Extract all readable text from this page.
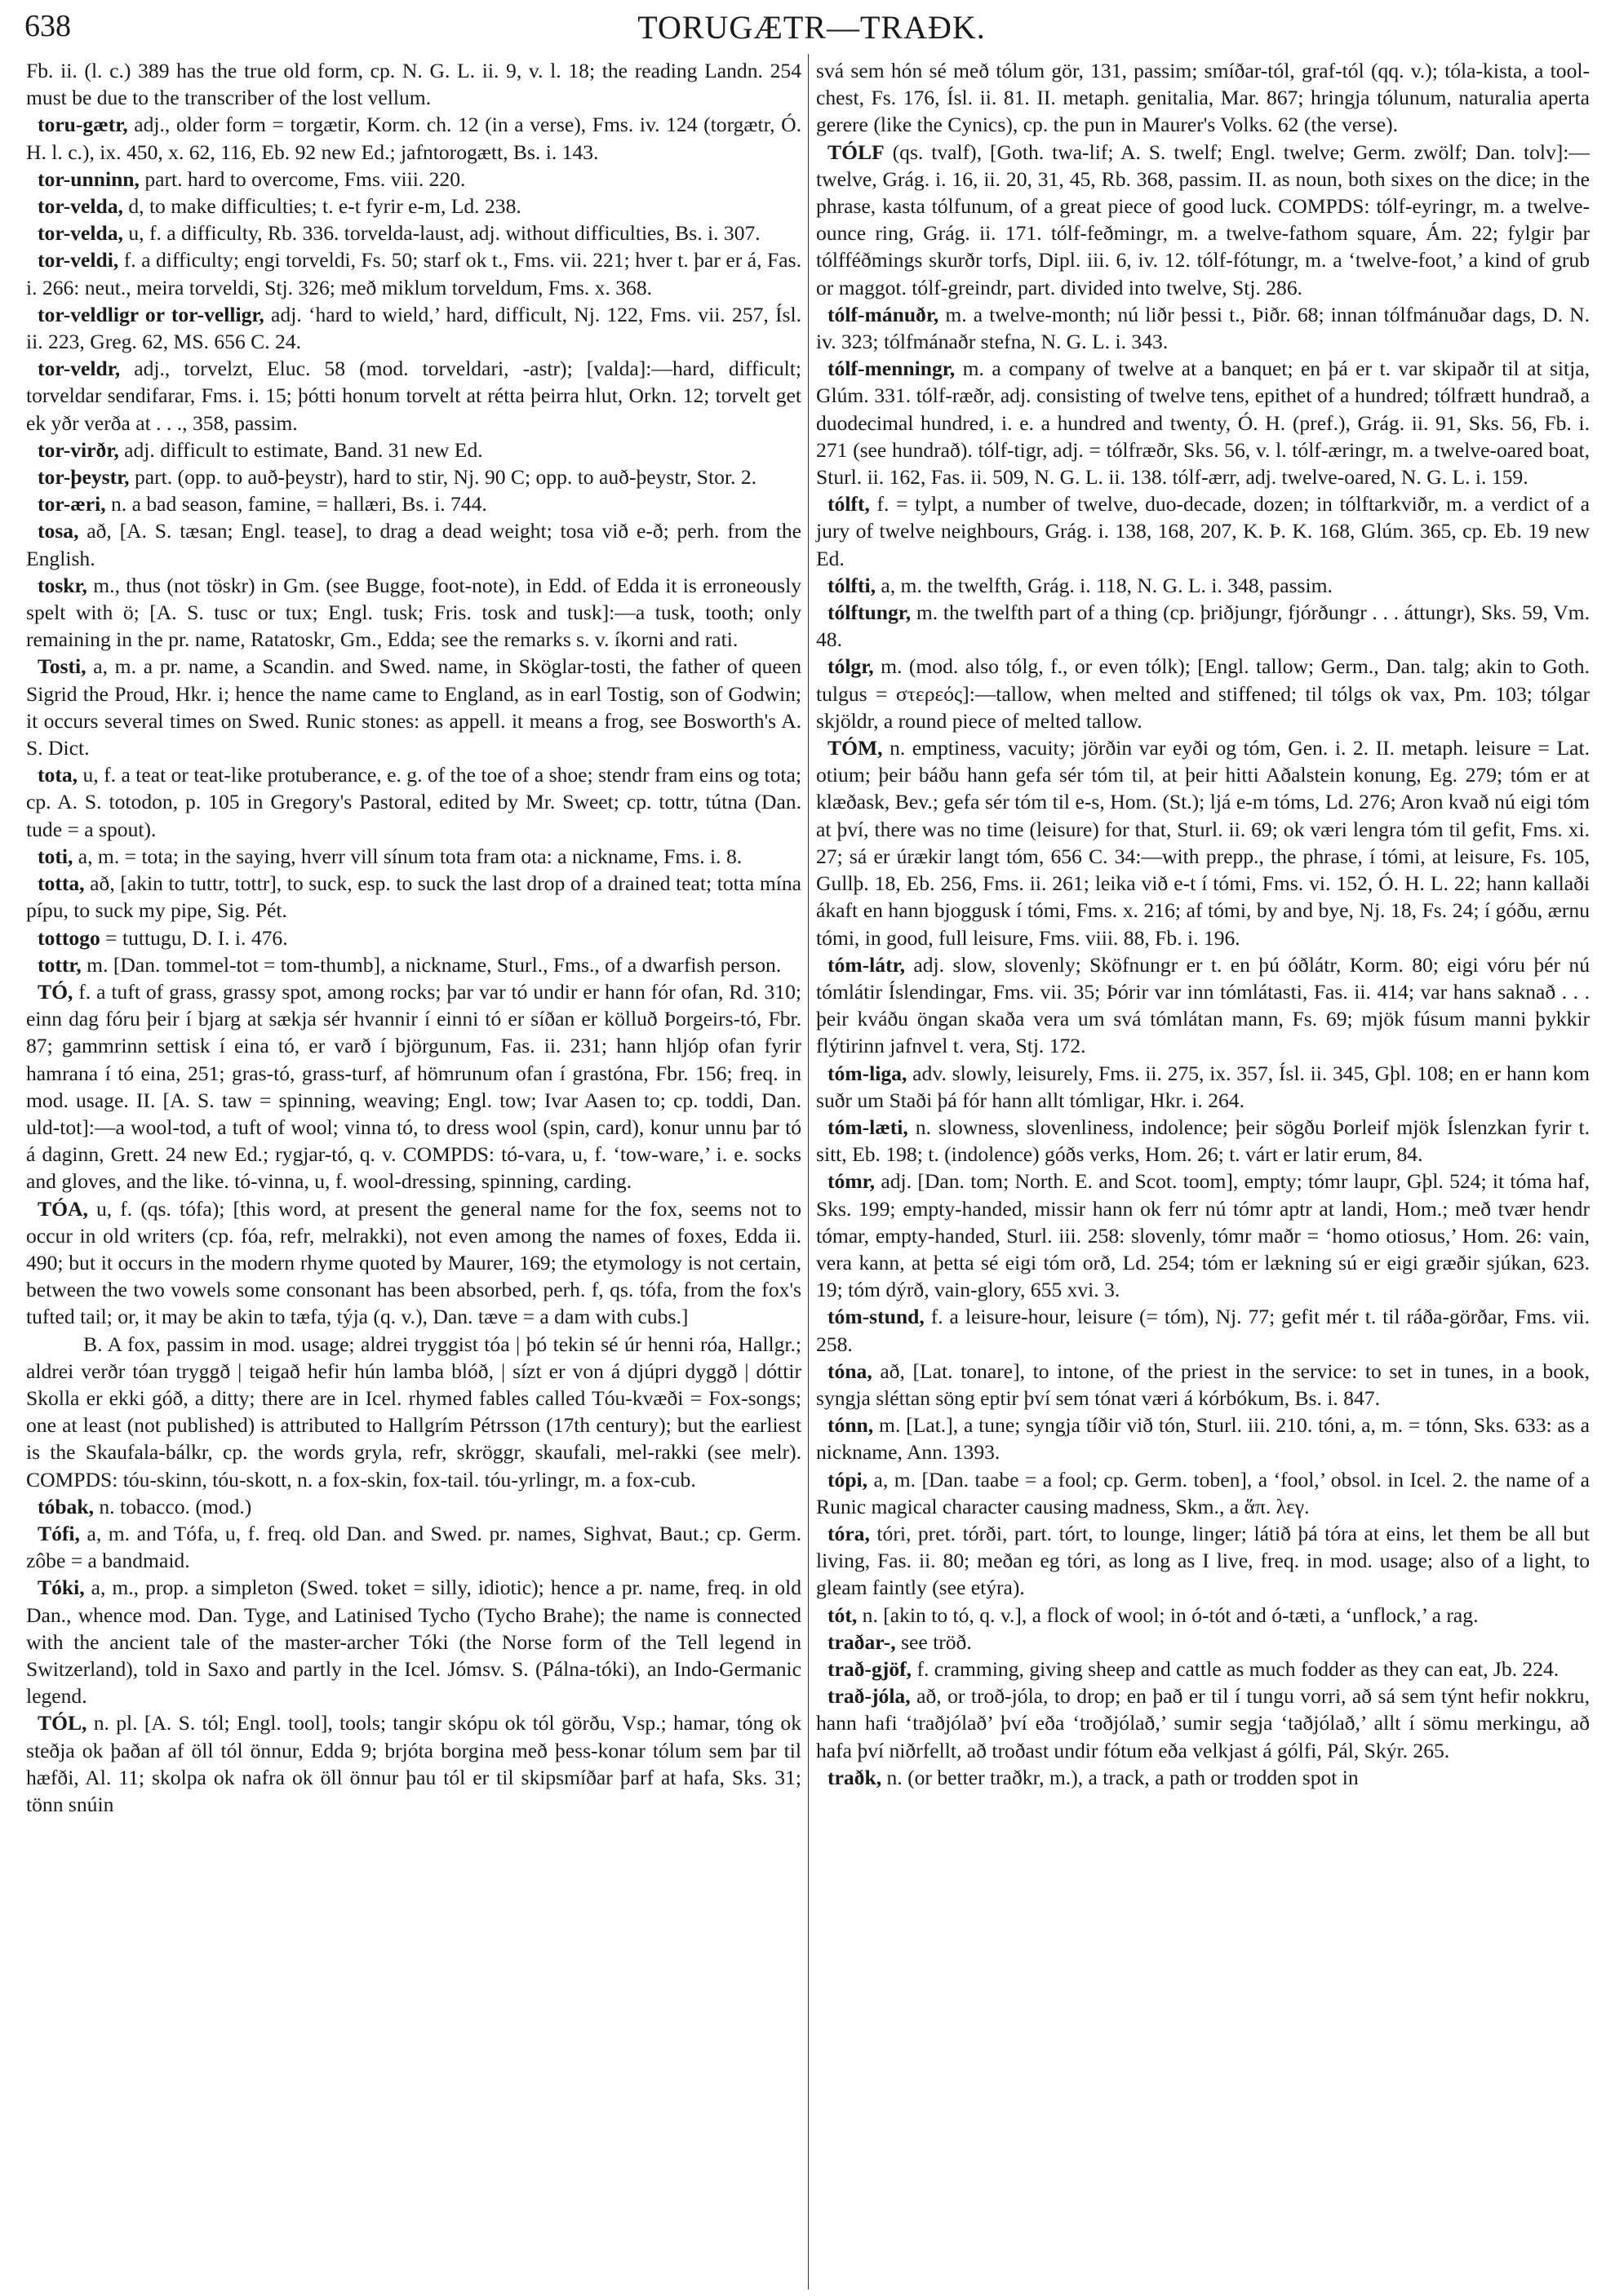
638	TORUGÆTR—TRAÐK.

Fb. ii. (l. c.) 389 has the true old form, cp. N. G. L. ii. 9, v. l. 18; the reading Landn. 254 must be due to the transcriber of the lost vellum.

toru-gætr, adj., older form = torgætir, Korm. ch. 12 (in a verse), Fms. iv. 124 (torgætr, Ó. H. l. c.), ix. 450, x. 62, 116, Eb. 92 new Ed.; jafntorogætt, Bs. i. 143.

tor-unninn, part. hard to overcome, Fms. viii. 220.

tor-velda, d, to make difficulties; t. e-t fyrir e-m, Ld. 238.

tor-velda, u, f. a difficulty, Rb. 336. torvelda-laust, adj. without difficulties, Bs. i. 307.

tor-veldi, f. a difficulty; engi torveldi, Fs. 50; starf ok t., Fms. vii. 221; hver t. þar er á, Fas. i. 266: neut., meira torveldi, Stj. 326; með miklum torveldum, Fms. x. 368.

tor-veldligr or tor-velligr, adj. ‘hard to wield,’ hard, difficult, Nj. 122, Fms. vii. 257, Ísl. ii. 223, Greg. 62, MS. 656 C. 24.

tor-veldr, adj., torvelzt, Eluc. 58 (mod. torveldari, -astr); [valda]:—hard, difficult; torveldar sendifarar, Fms. i. 15; þótti honum torvelt at rétta þeirra hlut, Orkn. 12; torvelt get ek yðr verða at . . ., 358, passim.

tor-virðr, adj. difficult to estimate, Band. 31 new Ed.

tor-þeystr, part. (opp. to auð-þeystr), hard to stir, Nj. 90 C; opp. to auð-þeystr, Stor. 2.

tor-æri, n. a bad season, famine, = hallæri, Bs. i. 744.

tosa, að, [A. S. tæsan; Engl. tease], to drag a dead weight; tosa við e-ð; perh. from the English.

toskr, m., thus (not töskr) in Gm. (see Bugge, foot-note), in Edd. of Edda it is erroneously spelt with ö; [A. S. tusc or tux; Engl. tusk; Fris. tosk and tusk]:—a tusk, tooth; only remaining in the pr. name, Ratatoskr, Gm., Edda; see the remarks s. v. íkorni and rati.

Tosti, a, m. a pr. name, a Scandin. and Swed. name, in Sköglar-tosti, the father of queen Sigrid the Proud, Hkr. i; hence the name came to England, as in earl Tostig, son of Godwin; it occurs several times on Swed. Runic stones: as appell. it means a frog, see Bosworth's A. S. Dict.

tota, u, f. a teat or teat-like protuberance, e. g. of the toe of a shoe; stendr fram eins og tota; cp. A. S. totodon, p. 105 in Gregory's Pastoral, edited by Mr. Sweet; cp. tottr, tútna (Dan. tude = a spout).

toti, a, m. = tota; in the saying, hverr vill sínum tota fram ota: a nickname, Fms. i. 8.

totta, að, [akin to tuttr, tottr], to suck, esp. to suck the last drop of a drained teat; totta mína pípu, to suck my pipe, Sig. Pét.

tottogo = tuttugu, D. I. i. 476.

tottr, m. [Dan. tommel-tot = tom-thumb], a nickname, Sturl., Fms., of a dwarfish person.

TÓ, f. a tuft of grass, grassy spot, among rocks; þar var tó undir er hann fór ofan, Rd. 310; einn dag fóru þeir í bjarg at sækja sér hvannir í einni tó er síðan er kölluð Þorgeirs-tó, Fbr. 87; gammrinn settisk í eina tó, er varð í björgunum, Fas. ii. 231; hann hljóp ofan fyrir hamrana í tó eina, 251; gras-tó, grass-turf, af hömrunum ofan í grastóna, Fbr. 156; freq. in mod. usage. II. [A. S. taw = spinning, weaving; Engl. tow; Ivar Aasen to; cp. toddi, Dan. uld-tot]:—a wool-tod, a tuft of wool; vinna tó, to dress wool (spin, card), konur unnu þar tó á daginn, Grett. 24 new Ed.; rygjar-tó, q. v. COMPDS: tó-vara, u, f. ‘tow-ware,’ i. e. socks and gloves, and the like. tó-vinna, u, f. wool-dressing, spinning, carding.

TÓA, u, f. (qs. tófa); [this word, at present the general name for the fox, seems not to occur in old writers (cp. fóa, refr, melrakki), not even among the names of foxes, Edda ii. 490; but it occurs in the modern rhyme quoted by Maurer, 169; the etymology is not certain, between the two vowels some consonant has been absorbed, perh. f, qs. tófa, from the fox's tufted tail; or, it may be akin to tæfa, týja (q. v.), Dan. tæve = a dam with cubs.]

B. A fox, passim in mod. usage; aldrei tryggist tóa | þó tekin sé úr henni róa, Hallgr.; aldrei verðr tóan tryggð | teigað hefir hún lamba blóð, | sízt er von á djúpri dyggð | dóttir Skolla er ekki góð, a ditty; there are in Icel. rhymed fables called Tóu-kvæði = Fox-songs; one at least (not published) is attributed to Hallgrím Pétrsson (17th century); but the earliest is the Skaufala-bálkr, cp. the words gryla, refr, skröggr, skaufali, mel-rakki (see melr). COMPDS: tóu-skinn, tóu-skott, n. a fox-skin, fox-tail. tóu-yrlingr, m. a fox-cub.

tóbak, n. tobacco. (mod.)

Tófi, a, m. and Tófa, u, f. freq. old Dan. and Swed. pr. names, Sighvat, Baut.; cp. Germ. zôbe = a bandmaid.

Tóki, a, m., prop. a simpleton (Swed. toket = silly, idiotic); hence a pr. name, freq. in old Dan., whence mod. Dan. Tyge, and Latinised Tycho (Tycho Brahe); the name is connected with the ancient tale of the master-archer Tóki (the Norse form of the Tell legend in Switzerland), told in Saxo and partly in the Icel. Jómsv. S. (Pálna-tóki), an Indo-Germanic legend.

TÓL, n. pl. [A. S. tól; Engl. tool], tools; tangir skópu ok tól görðu, Vsp.; hamar, tóng ok steðja ok þaðan af öll tól önnur, Edda 9; brjóta borgina með þess-konar tólum sem þar til hæfði, Al. 11; skolpa ok nafra ok öll önnur þau tól er til skipsmíðar þarf at hafa, Sks. 31; tönn snúin

svá sem hón sé með tólum gör, 131, passim; smíðar-tól, graf-tól (qq. v.); tóla-kista, a tool-chest, Fs. 176, Ísl. ii. 81. II. metaph. genitalia, Mar. 867; hringja tólunum, naturalia aperta gerere (like the Cynics), cp. the pun in Maurer's Volks. 62 (the verse).

TÓLF (qs. tvalf), [Goth. twa-lif; A. S. twelf; Engl. twelve; Germ. zwölf; Dan. tolv]:—twelve, Grág. i. 16, ii. 20, 31, 45, Rb. 368, passim. II. as noun, both sixes on the dice; in the phrase, kasta tólfunum, of a great piece of good luck. COMPDS: tólf-eyringr, m. a twelve-ounce ring, Grág. ii. 171. tólf-feðmingr, m. a twelve-fathom square, Ám. 22; fylgir þar tólfféðmings skurðr torfs, Dipl. iii. 6, iv. 12. tólf-fótungr, m. a ‘twelve-foot,’ a kind of grub or maggot. tólf-greindr, part. divided into twelve, Stj. 286.

tólf-mánuðr, m. a twelve-month; nú liðr þessi t., Þiðr. 68; innan tólfmánuðar dags, D. N. iv. 323; tólfmánaðr stefna, N. G. L. i. 343.

tólf-menningr, m. a company of twelve at a banquet; en þá er t. var skipaðr til at sitja, Glúm. 331. tólf-ræðr, adj. consisting of twelve tens, epithet of a hundred; tólfrætt hundrað, a duodecimal hundred, i. e. a hundred and twenty, Ó. H. (pref.), Grág. ii. 91, Sks. 56, Fb. i. 271 (see hundrað). tólf-tigr, adj. = tólfræðr, Sks. 56, v. l. tólf-æringr, m. a twelve-oared boat, Sturl. ii. 162, Fas. ii. 509, N. G. L. ii. 138. tólf-ærr, adj. twelve-oared, N. G. L. i. 159.

tólft, f. = tylpt, a number of twelve, duo-decade, dozen; in tólftarkviðr, m. a verdict of a jury of twelve neighbours, Grág. i. 138, 168, 207, K. Þ. K. 168, Glúm. 365, cp. Eb. 19 new Ed.

tólfti, a, m. the twelfth, Grág. i. 118, N. G. L. i. 348, passim.

tólftungr, m. the twelfth part of a thing (cp. þriðjungr, fjórðungr . . . áttungr), Sks. 59, Vm. 48.

tólgr, m. (mod. also tólg, f., or even tólk); [Engl. tallow; Germ., Dan. talg; akin to Goth. tulgus = στερεός]:—tallow, when melted and stiffened; til tólgs ok vax, Pm. 103; tólgar skjöldr, a round piece of melted tallow.

TÓM, n. emptiness, vacuity; jörðin var eyði og tóm, Gen. i. 2. II. metaph. leisure = Lat. otium; þeir báðu hann gefa sér tóm til, at þeir hitti Aðalstein konung, Eg. 279; tóm er at klæðask, Bev.; gefa sér tóm til e-s, Hom. (St.); ljá e-m tóms, Ld. 276; Aron kvað nú eigi tóm at því, there was no time (leisure) for that, Sturl. ii. 69; ok væri lengra tóm til gefit, Fms. xi. 27; sá er úrækir langt tóm, 656 C. 34:—with prepp., the phrase, í tómi, at leisure, Fs. 105, Gullþ. 18, Eb. 256, Fms. ii. 261; leika við e-t í tómi, Fms. vi. 152, Ó. H. L. 22; hann kallaði ákaft en hann bjoggusk í tómi, Fms. x. 216; af tómi, by and bye, Nj. 18, Fs. 24; í góðu, ærnu tómi, in good, full leisure, Fms. viii. 88, Fb. i. 196.

tóm-látr, adj. slow, slovenly; Sköfnungr er t. en þú óðlátr, Korm. 80; eigi vóru þér nú tómlátir Íslendingar, Fms. vii. 35; Þórir var inn tómlátasti, Fas. ii. 414; var hans saknað . . . þeir kváðu öngan skaða vera um svá tómlátan mann, Fs. 69; mjök fúsum manni þykkir flýtirinn jafnvel t. vera, Stj. 172.

tóm-liga, adv. slowly, leisurely, Fms. ii. 275, ix. 357, Ísl. ii. 345, Gþl. 108; en er hann kom suðr um Staði þá fór hann allt tómligar, Hkr. i. 264.

tóm-læti, n. slowness, slovenliness, indolence; þeir sögðu Þorleif mjök Íslenzkan fyrir t. sitt, Eb. 198; t. (indolence) góðs verks, Hom. 26; t. várt er latir erum, 84.

tómr, adj. [Dan. tom; North. E. and Scot. toom], empty; tómr laupr, Gþl. 524; it tóma haf, Sks. 199; empty-handed, missir hann ok ferr nú tómr aptr at landi, Hom.; með tvær hendr tómar, empty-handed, Sturl. iii. 258: slovenly, tómr maðr = ‘homo otiosus,’ Hom. 26: vain, vera kann, at þetta sé eigi tóm orð, Ld. 254; tóm er lækning sú er eigi græðir sjúkan, 623. 19; tóm dýrð, vain-glory, 655 xvi. 3.

tóm-stund, f. a leisure-hour, leisure (= tóm), Nj. 77; gefit mér t. til ráða-görðar, Fms. vii. 258.

tóna, að, [Lat. tonare], to intone, of the priest in the service: to set in tunes, in a book, syngja sléttan söng eptir því sem tónat væri á kórbókum, Bs. i. 847.

tónn, m. [Lat.], a tune; syngja tíðir við tón, Sturl. iii. 210. tóni, a, m. = tónn, Sks. 633: as a nickname, Ann. 1393.

tópi, a, m. [Dan. taabe = a fool; cp. Germ. toben], a ‘fool,’ obsol. in Icel. 2. the name of a Runic magical character causing madness, Skm., a ἅπ. λεγ.

tóra, tóri, pret. tórði, part. tórt, to lounge, linger; látið þá tóra at eins, let them be all but living, Fas. ii. 80; meðan eg tóri, as long as I live, freq. in mod. usage; also of a light, to gleam faintly (see etýra).

tót, n. [akin to tó, q. v.], a flock of wool; in ó-tót and ó-tæti, a ‘unflock,’ a rag.

traðar-, see tröð.

trað-gjöf, f. cramming, giving sheep and cattle as much fodder as they can eat, Jb. 224.

trað-jóla, að, or troð-jóla, to drop; en það er til í tungu vorri, að sá sem týnt hefir nokkru, hann hafi ‘traðjólað’ því eða ‘troðjólað,’ sumir segja ‘taðjólað,’ allt í sömu merkingu, að hafa því niðrfellt, að troðast undir fótum eða velkjast á gólfi, Pál, Skýr. 265.

traðk, n. (or better traðkr, m.), a track, a path or trodden spot in
